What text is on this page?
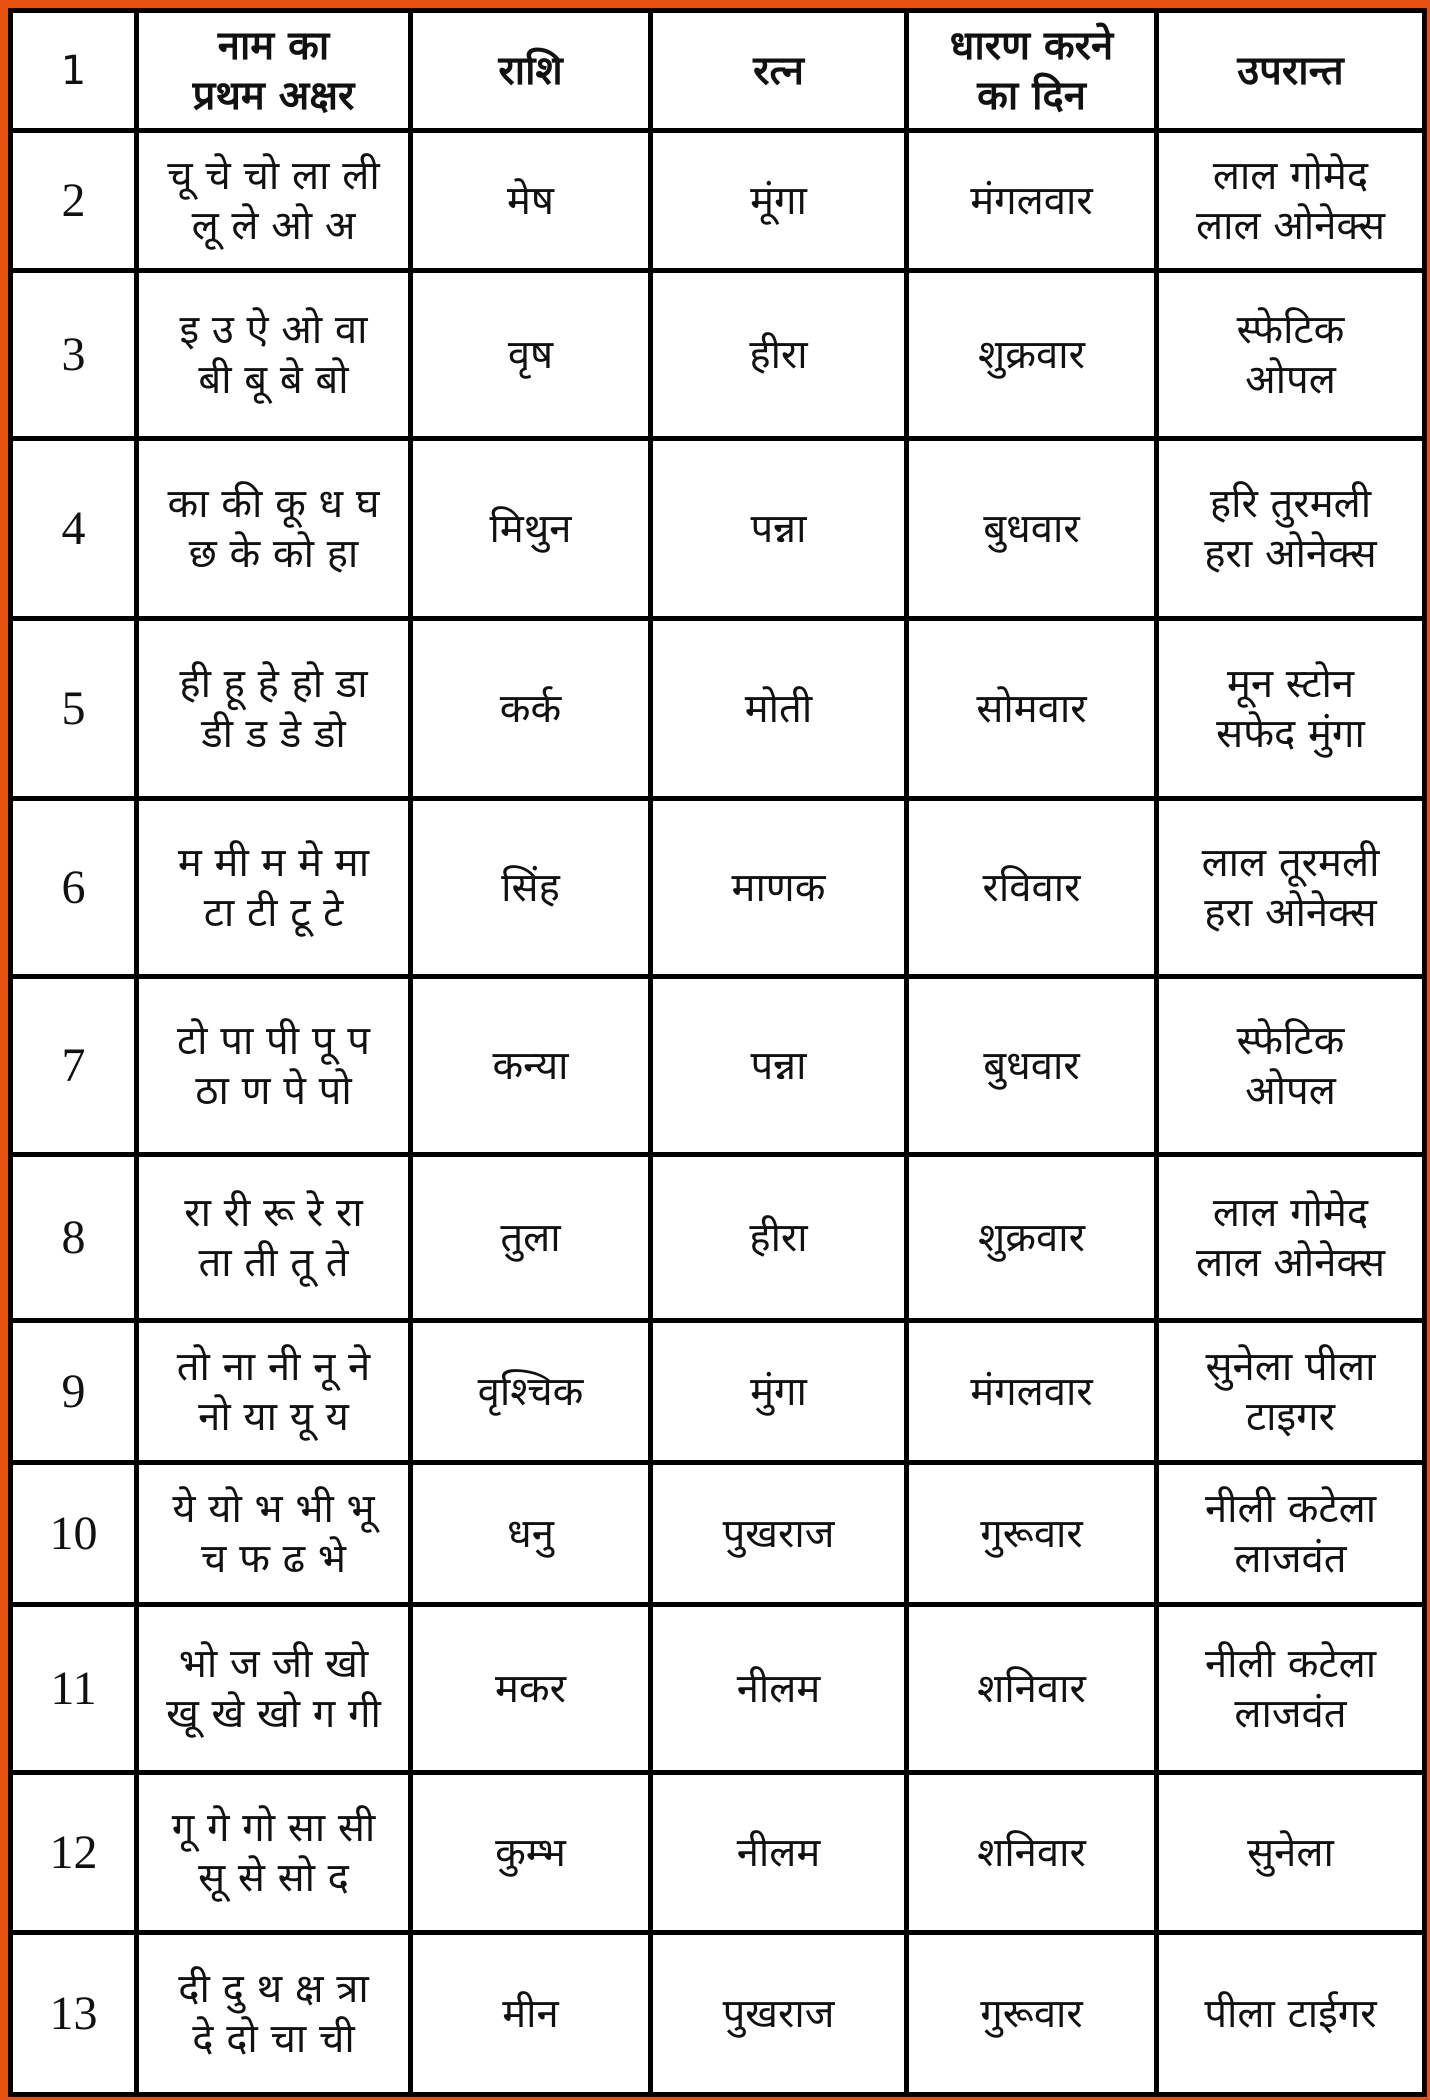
1	नाम का
प्रथम अक्षर	राशि	रत्न	धारण करने
का दिन	उपरान्त
2	चू चे चो ला ली
लू ले ओ अ	मेष	मूंगा	मंगलवार	लाल गोमेद
लाल ओनेक्स

3	इ उ ऐ ओ वा
बी बू बे बो	वृष	हीरा	शुक्रवार	स्फेटिक
ओपल

4	का की कू ध घ
छ के को हा	मिथुन	पन्ना	बुधवार	हरि तुरमली
हरा ओनेक्स

5	ही हू हे हो डा
डी ड डे डो	कर्क	मोती	सोमवार	मून स्टोन
सफेद मुंगा

6	म मी म मे मा
टा टी टू टे	सिंह	माणक	रविवार	लाल तूरमली
हरा ओनेक्स

7	टो पा पी पू प
ठा ण पे पो	कन्या	पन्ना	बुधवार	स्फेटिक
ओपल

8	रा री रू रे रा
ता ती तू ते	तुला	हीरा	शुक्रवार	लाल गोमेद
लाल ओनेक्स

9	तो ना नी नू ने
नो या यू य	वृश्चिक	मुंगा	मंगलवार	सुनेला पीला
टाइगर

10	ये यो भ भी भू
च फ ढ भे	धनु	पुखराज	गुरूवार	नीली कटेला
लाजवंत

11	भो ज जी खो
खू खे खो ग गी	मकर	नीलम	शनिवार	नीली कटेला
लाजवंत

12	गू गे गो सा सी
सू से सो द	कुम्भ	नीलम	शनिवार	सुनेला

13	दी दु थ क्ष त्रा
दे दो चा ची	मीन	पुखराज	गुरूवार	पीला टाईगर
